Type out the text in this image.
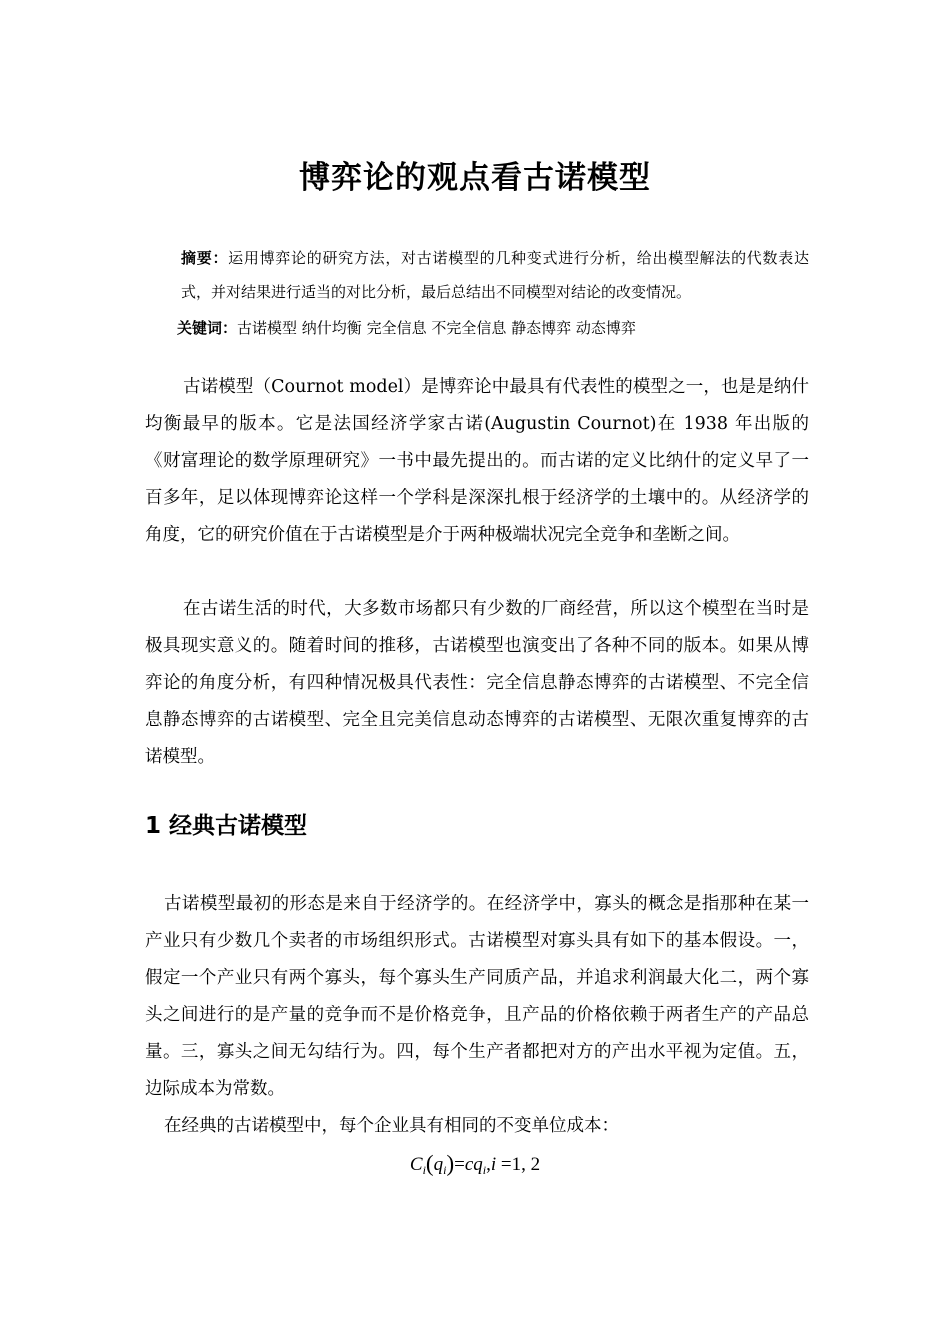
博弈论的观点看古诺模型
摘要：运用博弈论的研究方法，对古诺模型的几种变式进行分析，给出模型解法的代数表达式，并对结果进行适当的对比分析，最后总结出不同模型对结论的改变情况。
关键词：古诺模型 纳什均衡 完全信息 不完全信息 静态博弈 动态博弈

古诺模型（Cournot model）是博弈论中最具有代表性的模型之一，也是是纳什均衡最早的版本。它是法国经济学家古诺(Augustin Cournot)在 1938 年出版的《财富理论的数学原理研究》一书中最先提出的。而古诺的定义比纳什的定义早了一百多年，足以体现博弈论这样一个学科是深深扎根于经济学的土壤中的。从经济学的角度，它的研究价值在于古诺模型是介于两种极端状况完全竞争和垄断之间。

在古诺生活的时代，大多数市场都只有少数的厂商经营，所以这个模型在当时是极具现实意义的。随着时间的推移，古诺模型也演变出了各种不同的版本。如果从博弈论的角度分析，有四种情况极具代表性：完全信息静态博弈的古诺模型、不完全信息静态博弈的古诺模型、完全且完美信息动态博弈的古诺模型、无限次重复博弈的古诺模型。

1 经典古诺模型

古诺模型最初的形态是来自于经济学的。在经济学中，寡头的概念是指那种在某一产业只有少数几个卖者的市场组织形式。古诺模型对寡头具有如下的基本假设。一，假定一个产业只有两个寡头，每个寡头生产同质产品，并追求利润最大化二，两个寡头之间进行的是产量的竞争而不是价格竞争，且产品的价格依赖于两者生产的产品总量。三，寡头之间无勾结行为。四，每个生产者都把对方的产出水平视为定值。五，边际成本为常数。

在经典的古诺模型中，每个企业具有相同的不变单位成本：

$C_i(q_i)=cq_i,i =1$, 2
